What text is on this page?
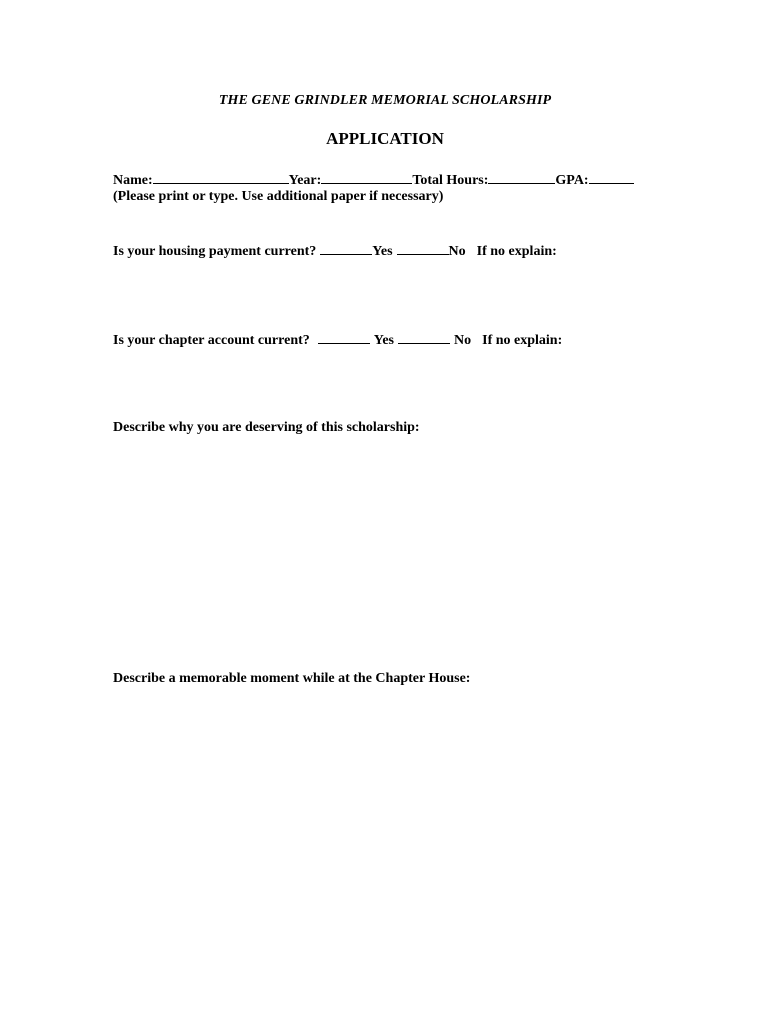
THE GENE GRINDLER MEMORIAL SCHOLARSHIP
APPLICATION
Name:	Year:	Total Hours:	GPA:
(Please print or type. Use additional paper if necessary)
Is your housing payment current?	Yes	No If no explain:
Is your chapter account current?	Yes	No If no explain:
Describe why you are deserving of this scholarship:
Describe a memorable moment while at the Chapter House:
